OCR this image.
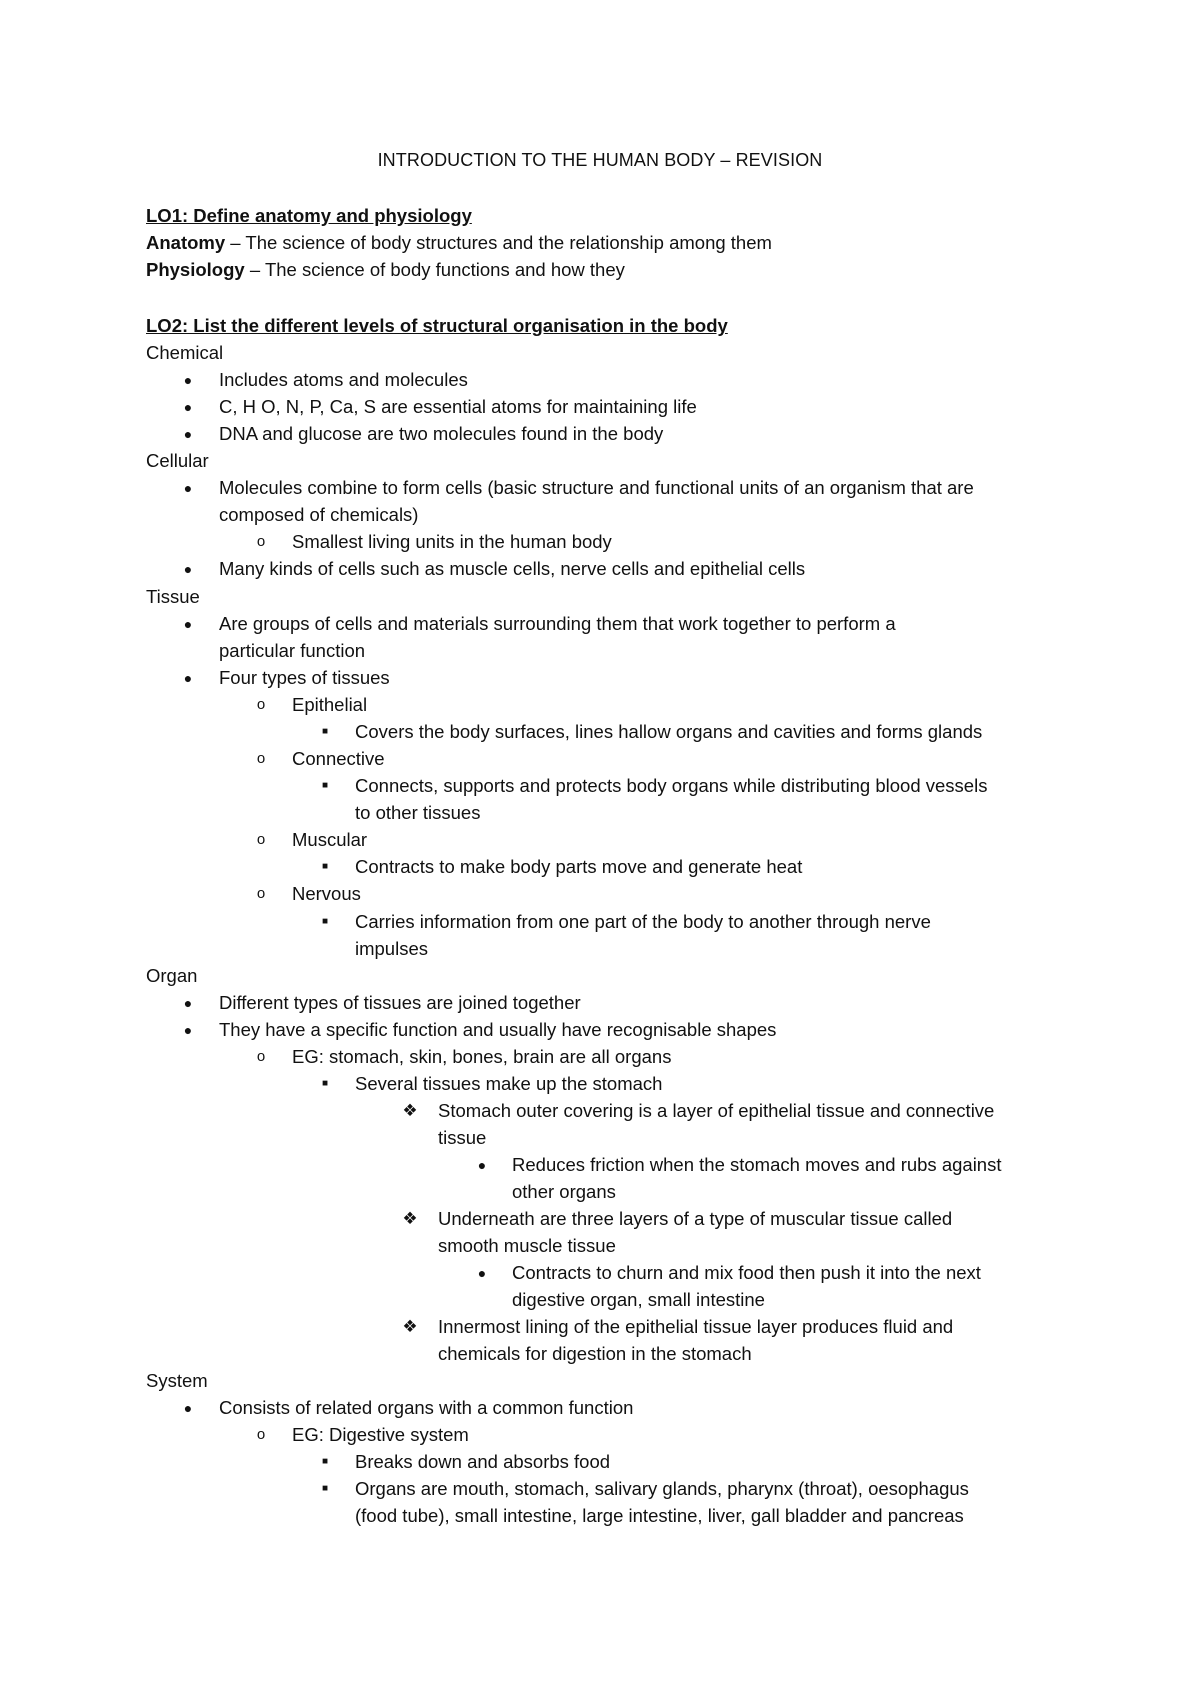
INTRODUCTION TO THE HUMAN BODY – REVISION
LO1: Define anatomy and physiology
Anatomy – The science of body structures and the relationship among them
Physiology – The science of body functions and how they
LO2: List the different levels of structural organisation in the body
Chemical
●	Includes atoms and molecules
●	C, H O, N, P, Ca, S are essential atoms for maintaining life
●	DNA and glucose are two molecules found in the body
Cellular
●	Molecules combine to form cells (basic structure and functional units of an organism that are
composed of chemicals)
o	Smallest living units in the human body
●	Many kinds of cells such as muscle cells, nerve cells and epithelial cells
Tissue
●	Are groups of cells and materials surrounding them that work together to perform a
particular function
●	Four types of tissues
o	Epithelial
■	Covers the body surfaces, lines hallow organs and cavities and forms glands
o	Connective
■	Connects, supports and protects body organs while distributing blood vessels
to other tissues
o	Muscular
■	Contracts to make body parts move and generate heat
o	Nervous
■	Carries information from one part of the body to another through nerve
impulses
Organ
●	Different types of tissues are joined together
●	They have a specific function and usually have recognisable shapes
o	EG: stomach, skin, bones, brain are all organs
■	Several tissues make up the stomach
❖ Stomach outer covering is a layer of epithelial tissue and connective
tissue
●	Reduces friction when the stomach moves and rubs against
other organs
❖ Underneath are three layers of a type of muscular tissue called
smooth muscle tissue
●	Contracts to churn and mix food then push it into the next
digestive organ, small intestine
❖ Innermost lining of the epithelial tissue layer produces fluid and
chemicals for digestion in the stomach
System
●	Consists of related organs with a common function
o	EG: Digestive system
■	Breaks down and absorbs food
■	Organs are mouth, stomach, salivary glands, pharynx (throat), oesophagus
(food tube), small intestine, large intestine, liver, gall bladder and pancreas
